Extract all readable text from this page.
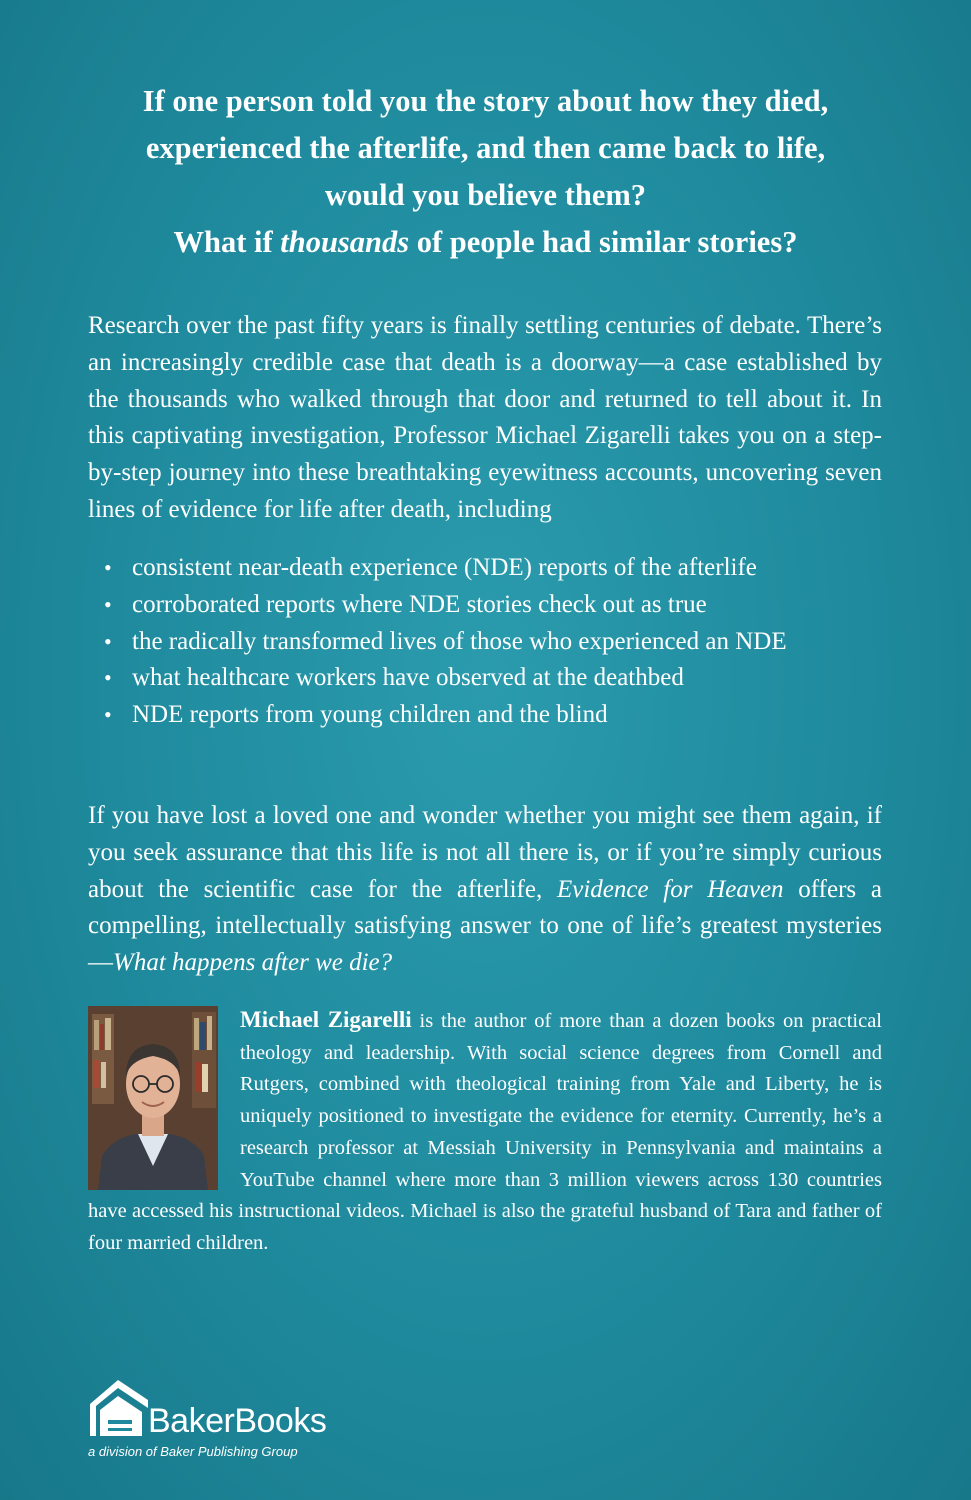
If one person told you the story about how they died,
experienced the afterlife, and then came back to life,
would you believe them?
What if thousands of people had similar stories?
Research over the past fifty years is finally settling centuries of debate. There’s an increasingly credible case that death is a doorway—a case established by the thousands who walked through that door and returned to tell about it. In this captivating investigation, Professor Michael Zigarelli takes you on a step-by-step journey into these breathtaking eyewitness accounts, uncovering seven lines of evidence for life after death, including
• consistent near-death experience (NDE) reports of the afterlife
• corroborated reports where NDE stories check out as true
• the radically transformed lives of those who experienced an NDE
• what healthcare workers have observed at the deathbed
• NDE reports from young children and the blind
If you have lost a loved one and wonder whether you might see them again, if you seek assurance that this life is not all there is, or if you’re simply curious about the scientific case for the afterlife, Evidence for Heaven offers a compelling, intellectually satisfying answer to one of life’s greatest mysteries—What happens after we die?
Michael Zigarelli is the author of more than a dozen books on practical theology and leadership. With social science degrees from Cornell and Rutgers, combined with theological training from Yale and Liberty, he is uniquely positioned to investigate the evidence for eternity. Currently, he’s a research professor at Messiah University in Pennsylvania and maintains a YouTube channel where more than 3 million viewers across 130 countries have accessed his instructional videos. Michael is also the grateful husband of Tara and father of four married children.
BakerBooks
a division of Baker Publishing Group
